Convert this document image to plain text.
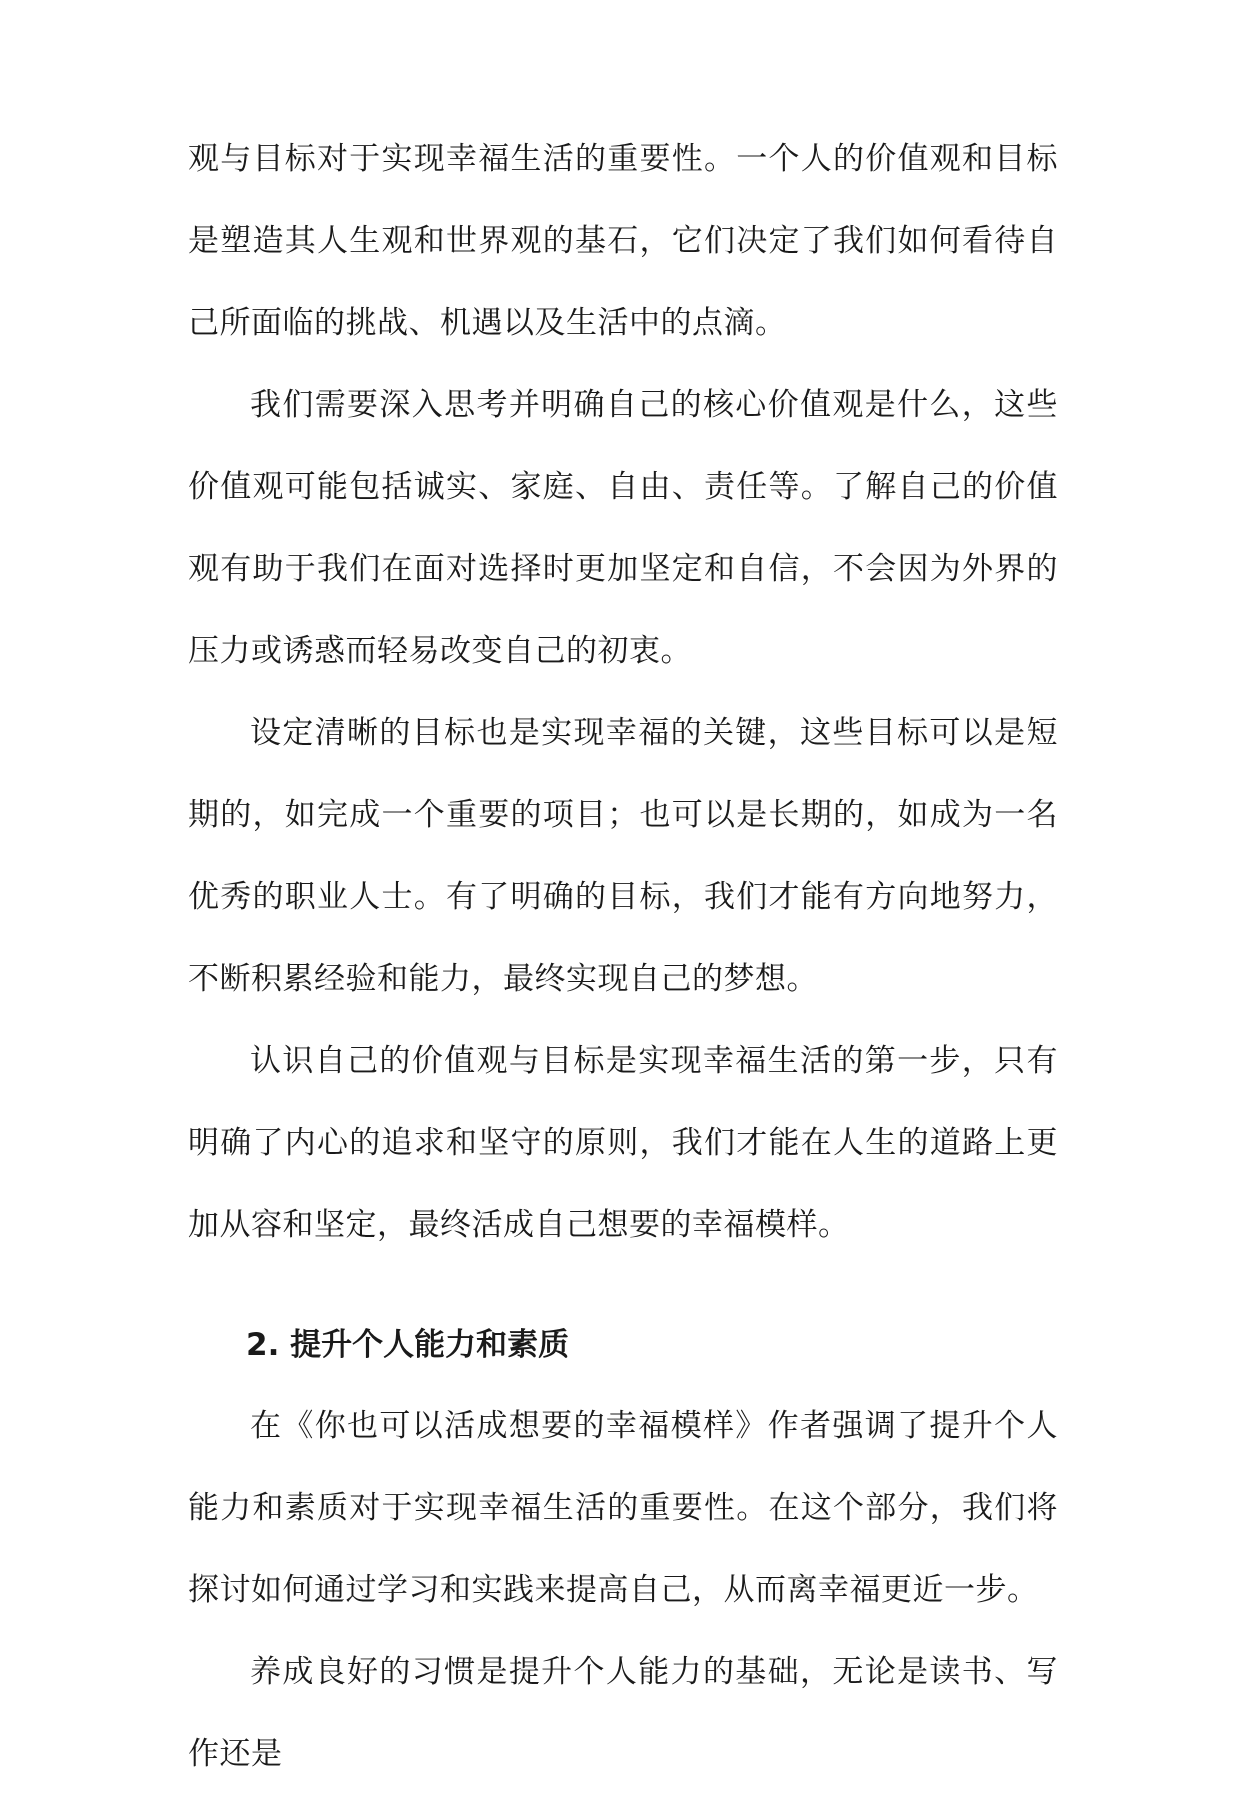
观与目标对于实现幸福生活的重要性。一个人的价值观和目标是塑造其人生观和世界观的基石，它们决定了我们如何看待自己所面临的挑战、机遇以及生活中的点滴。

我们需要深入思考并明确自己的核心价值观是什么，这些价值观可能包括诚实、家庭、自由、责任等。了解自己的价值观有助于我们在面对选择时更加坚定和自信，不会因为外界的压力或诱惑而轻易改变自己的初衷。

设定清晰的目标也是实现幸福的关键，这些目标可以是短期的，如完成一个重要的项目；也可以是长期的，如成为一名优秀的职业人士。有了明确的目标，我们才能有方向地努力，不断积累经验和能力，最终实现自己的梦想。

认识自己的价值观与目标是实现幸福生活的第一步，只有明确了内心的追求和坚守的原则，我们才能在人生的道路上更加从容和坚定，最终活成自己想要的幸福模样。

2. 提升个人能力和素质

在《你也可以活成想要的幸福模样》作者强调了提升个人能力和素质对于实现幸福生活的重要性。在这个部分，我们将探讨如何通过学习和实践来提高自己，从而离幸福更近一步。

养成良好的习惯是提升个人能力的基础，无论是读书、写作还是
